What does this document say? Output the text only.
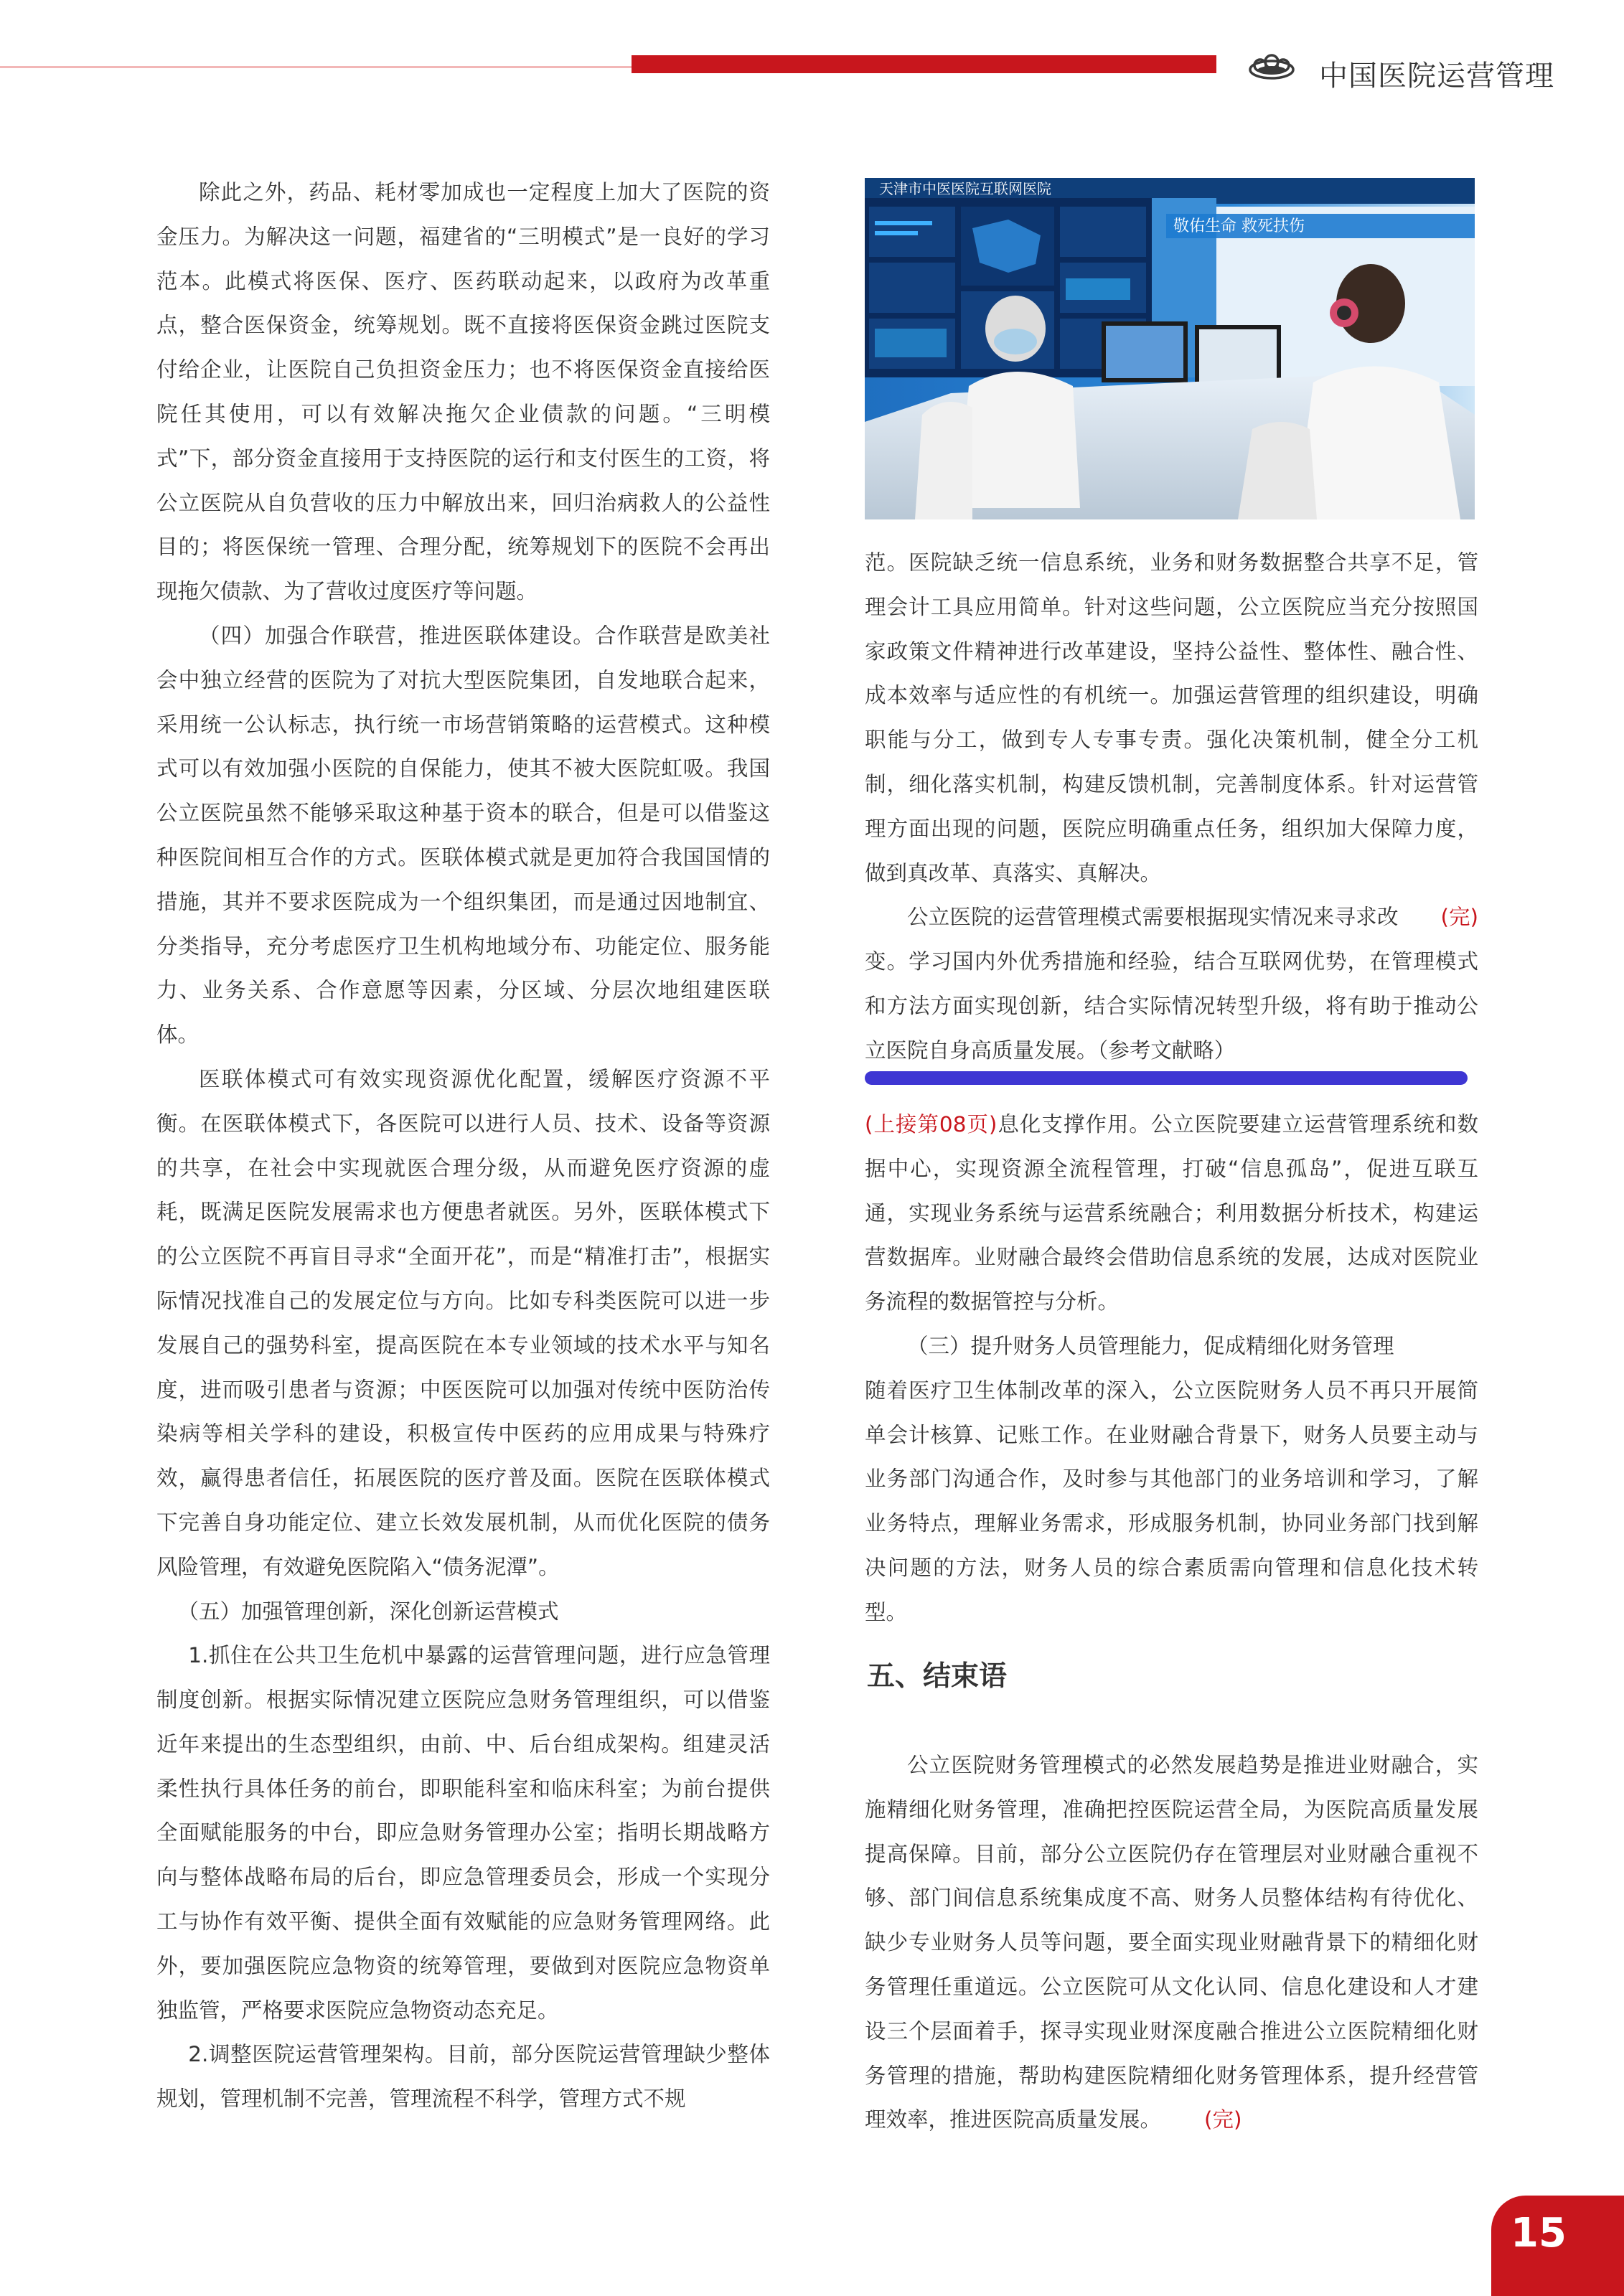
中国医院运营管理

除此之外，药品、耗材零加成也一定程度上加大了医院的资金压力。为解决这一问题，福建省的“三明模式”是一良好的学习范本。此模式将医保、医疗、医药联动起来，以政府为改革重点，整合医保资金，统筹规划。既不直接将医保资金跳过医院支付给企业，让医院自己负担资金压力；也不将医保资金直接给医院任其使用，可以有效解决拖欠企业债款的问题。“三明模式”下，部分资金直接用于支持医院的运行和支付医生的工资，将公立医院从自负营收的压力中解放出来，回归治病救人的公益性目的；将医保统一管理、合理分配，统筹规划下的医院不会再出现拖欠债款、为了营收过度医疗等问题。

（四）加强合作联营，推进医联体建设。合作联营是欧美社会中独立经营的医院为了对抗大型医院集团，自发地联合起来，采用统一公认标志，执行统一市场营销策略的运营模式。这种模式可以有效加强小医院的自保能力，使其不被大医院虹吸。我国公立医院虽然不能够采取这种基于资本的联合，但是可以借鉴这种医院间相互合作的方式。医联体模式就是更加符合我国国情的措施，其并不要求医院成为一个组织集团，而是通过因地制宜、分类指导，充分考虑医疗卫生机构地域分布、功能定位、服务能力、业务关系、合作意愿等因素，分区域、分层次地组建医联体。

医联体模式可有效实现资源优化配置，缓解医疗资源不平衡。在医联体模式下，各医院可以进行人员、技术、设备等资源的共享，在社会中实现就医合理分级，从而避免医疗资源的虚耗，既满足医院发展需求也方便患者就医。另外，医联体模式下的公立医院不再盲目寻求“全面开花”，而是“精准打击”，根据实际情况找准自己的发展定位与方向。比如专科类医院可以进一步发展自己的强势科室，提高医院在本专业领域的技术水平与知名度，进而吸引患者与资源；中医医院可以加强对传统中医防治传染病等相关学科的建设，积极宣传中医药的应用成果与特殊疗效，赢得患者信任，拓展医院的医疗普及面。医院在医联体模式下完善自身功能定位、建立长效发展机制，从而优化医院的债务风险管理，有效避免医院陷入“债务泥潭”。

（五）加强管理创新，深化创新运营模式

1.抓住在公共卫生危机中暴露的运营管理问题，进行应急管理制度创新。根据实际情况建立医院应急财务管理组织，可以借鉴近年来提出的生态型组织，由前、中、后台组成架构。组建灵活柔性执行具体任务的前台，即职能科室和临床科室；为前台提供全面赋能服务的中台，即应急财务管理办公室；指明长期战略方向与整体战略布局的后台，即应急管理委员会，形成一个实现分工与协作有效平衡、提供全面有效赋能的应急财务管理网络。此外，要加强医院应急物资的统筹管理，要做到对医院应急物资单独监管，严格要求医院应急物资动态充足。

2.调整医院运营管理架构。目前，部分医院运营管理缺少整体规划，管理机制不完善，管理流程不科学，管理方式不规

天津市中医医院互联网医院
敬佑生命 救死扶伤

范。医院缺乏统一信息系统，业务和财务数据整合共享不足，管理会计工具应用简单。针对这些问题，公立医院应当充分按照国家政策文件精神进行改革建设，坚持公益性、整体性、融合性、成本效率与适应性的有机统一。加强运营管理的组织建设，明确职能与分工，做到专人专事专责。强化决策机制，健全分工机制，细化落实机制，构建反馈机制，完善制度体系。针对运营管理方面出现的问题，医院应明确重点任务，组织加大保障力度，做到真改革、真落实、真解决。

(完)
公立医院的运营管理模式需要根据现实情况来寻求改变。学习国内外优秀措施和经验，结合互联网优势，在管理模式和方法方面实现创新，结合实际情况转型升级，将有助于推动公立医院自身高质量发展。（参考文献略）

(上接第08页)息化支撑作用。公立医院要建立运营管理系统和数据中心，实现资源全流程管理，打破“信息孤岛”，促进互联互通，实现业务系统与运营系统融合；利用数据分析技术，构建运营数据库。业财融合最终会借助信息系统的发展，达成对医院业务流程的数据管控与分析。

（三）提升财务人员管理能力，促成精细化财务管理

随着医疗卫生体制改革的深入，公立医院财务人员不再只开展简单会计核算、记账工作。在业财融合背景下，财务人员要主动与业务部门沟通合作，及时参与其他部门的业务培训和学习，了解业务特点，理解业务需求，形成服务机制，协同业务部门找到解决问题的方法，财务人员的综合素质需向管理和信息化技术转型。

五、结束语

公立医院财务管理模式的必然发展趋势是推进业财融合，实施精细化财务管理，准确把控医院运营全局，为医院高质量发展提高保障。目前，部分公立医院仍存在管理层对业财融合重视不够、部门间信息系统集成度不高、财务人员整体结构有待优化、缺少专业财务人员等问题，要全面实现业财融背景下的精细化财务管理任重道远。公立医院可从文化认同、信息化建设和人才建设三个层面着手，探寻实现业财深度融合推进公立医院精细化财务管理的措施，帮助构建医院精细化财务管理体系，提升经营管理效率，推进医院高质量发展。 (完)

15
